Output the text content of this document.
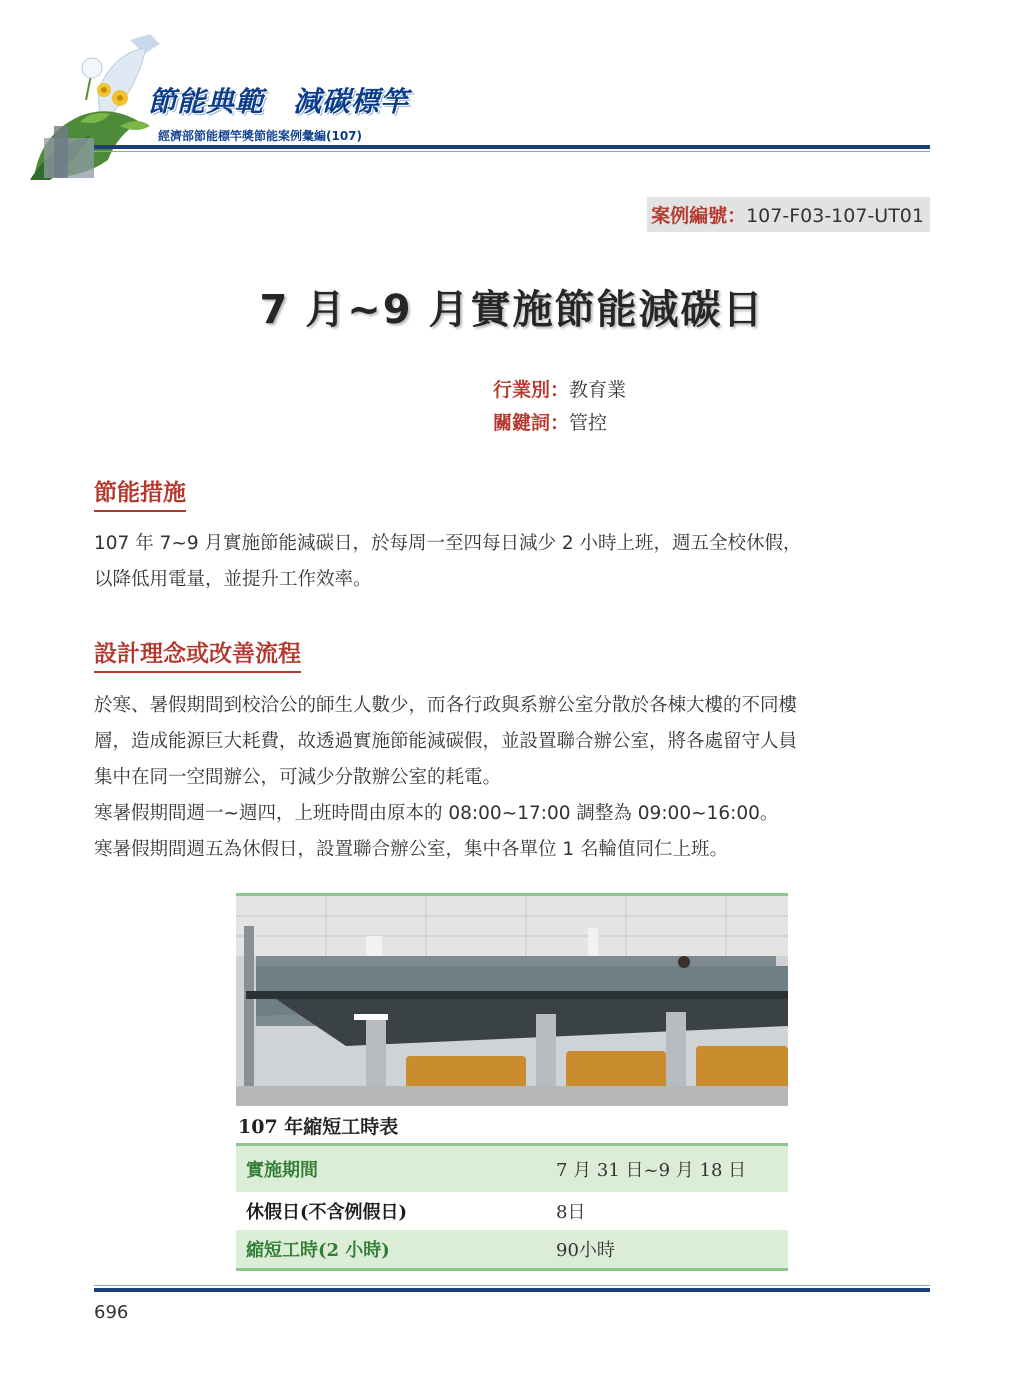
節能典範　減碳標竿
經濟部節能標竿獎節能案例彙編(107)
案例編號：107-F03-107-UT01
7 月~9 月實施節能減碳日
行業別：教育業
關鍵詞：管控
節能措施

107 年 7~9 月實施節能減碳日，於每周一至四每日減少 2 小時上班，週五全校休假，

以降低用電量，並提升工作效率。

設計理念或改善流程

於寒、暑假期間到校洽公的師生人數少，而各行政與系辦公室分散於各棟大樓的不同樓

層，造成能源巨大耗費，故透過實施節能減碳假，並設置聯合辦公室，將各處留守人員

集中在同一空間辦公，可減少分散辦公室的耗電。

寒暑假期間週一~週四，上班時間由原本的 08:00~17:00 調整為 09:00~16:00。

寒暑假期間週五為休假日，設置聯合辦公室，集中各單位 1 名輪值同仁上班。

107 年縮短工時表
實施期間	7 月 31 日~9 月 18 日
休假日(不含例假日)	8日
縮短工時(2 小時)	90小時
696
